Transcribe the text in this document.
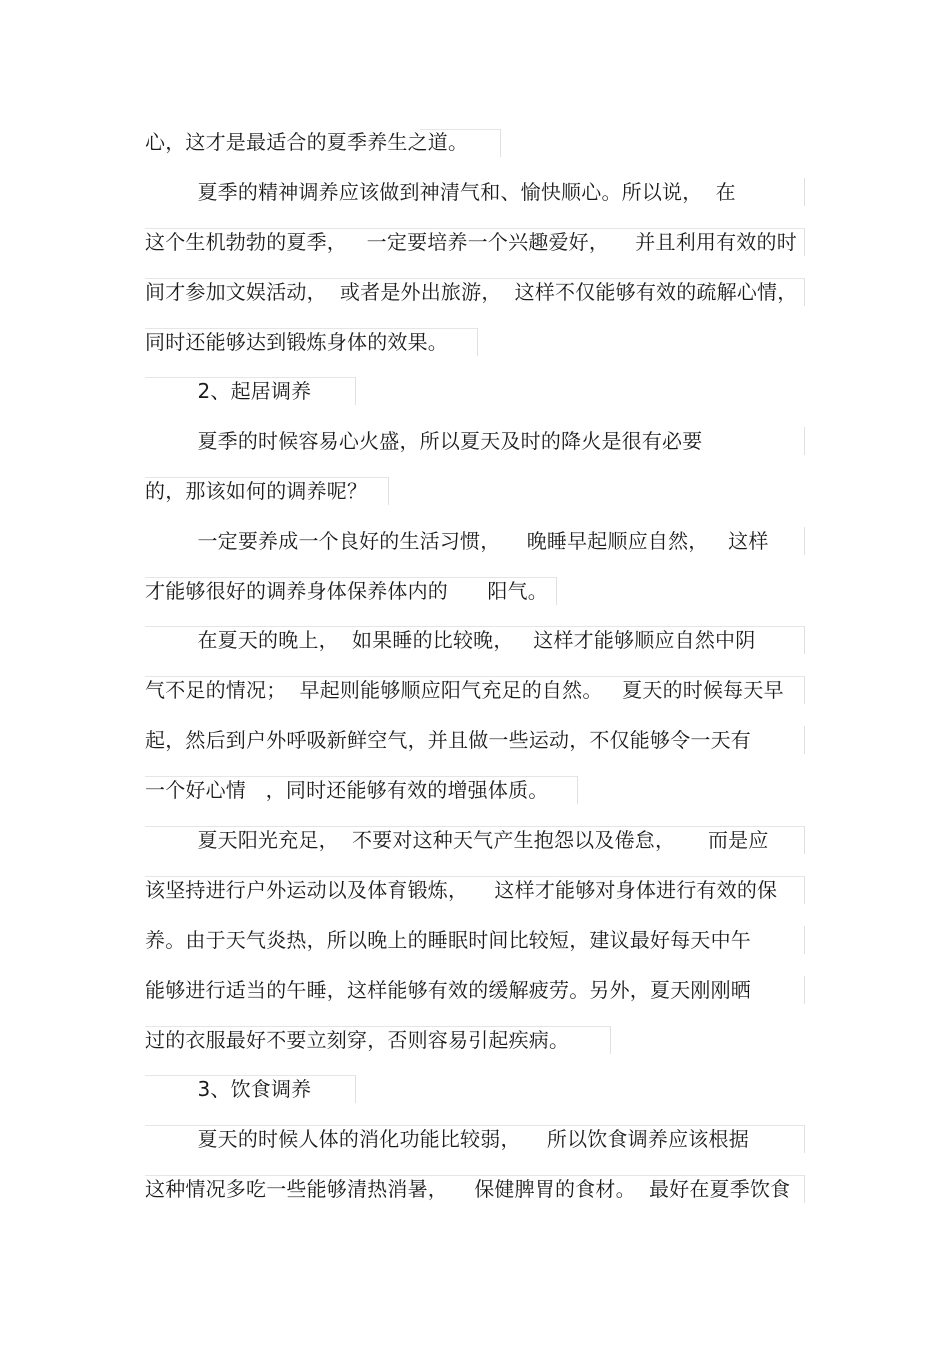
心，这才是最适合的夏季养生之道。
夏季的精神调养应该做到神清气和、愉快顺心。所以说，  在
这个生机勃勃的夏季，   一定要培养一个兴趣爱好，    并且利用有效的时
间才参加文娱活动，  或者是外出旅游，  这样不仅能够有效的疏解心情，
同时还能够达到锻炼身体的效果。
2、起居调养
夏季的时候容易心火盛，所以夏天及时的降火是很有必要
的，那该如何的调养呢？
一定要养成一个良好的生活习惯，    晚睡早起顺应自然，   这样
才能够很好的调养身体保养体内的      阳气。
在夏天的晚上，  如果睡的比较晚，   这样才能够顺应自然中阴
气不足的情况；  早起则能够顺应阳气充足的自然。   夏天的时候每天早
起，然后到户外呼吸新鲜空气，并且做一些运动，不仅能够令一天有
一个好心情   ，同时还能够有效的增强体质。
夏天阳光充足，  不要对这种天气产生抱怨以及倦怠，     而是应
该坚持进行户外运动以及体育锻炼，    这样才能够对身体进行有效的保
养。由于天气炎热，所以晚上的睡眠时间比较短，建议最好每天中午
能够进行适当的午睡，这样能够有效的缓解疲劳。另外，夏天刚刚晒
过的衣服最好不要立刻穿，否则容易引起疾病。
3、饮食调养
夏天的时候人体的消化功能比较弱，    所以饮食调养应该根据
这种情况多吃一些能够清热消暑，    保健脾胃的食材。  最好在夏季饮食
